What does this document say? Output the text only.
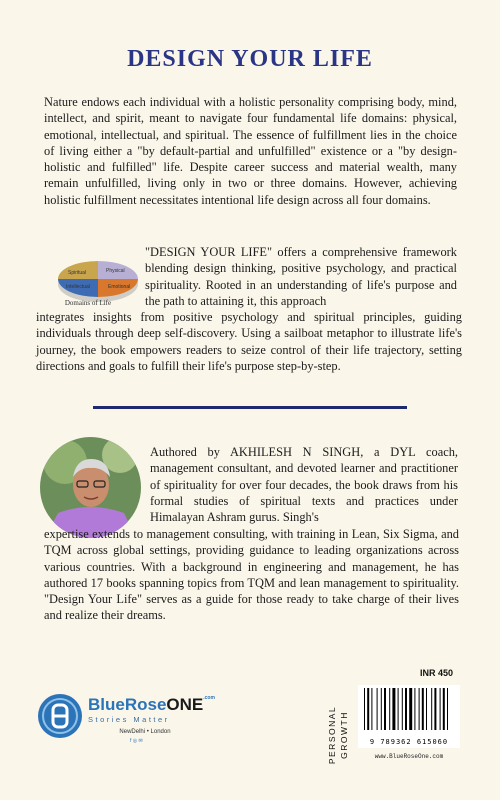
DESIGN YOUR LIFE

Nature endows each individual with a holistic personality comprising body, mind, intellect, and spirit, meant to navigate four fundamental life domains: physical, emotional, intellectual, and spiritual. The essence of fulfillment lies in the choice of living either a "by default-partial and unfulfilled" existence or a "by design-holistic and fulfilled" life. Despite career success and material wealth, many remain unfulfilled, living only in two or three domains. However, achieving holistic fulfillment necessitates intentional life design across all four domains.

Spiritual	Physical
Emotional
Intellectual
Domains of Life

"DESIGN YOUR LIFE" offers a comprehensive framework blending design thinking, positive psychology, and practical spirituality. Rooted in an understanding of life's purpose and the path to attaining it, this approach

integrates insights from positive psychology and spiritual principles, guiding individuals through deep self-discovery. Using a sailboat metaphor to illustrate life's journey, the book empowers readers to seize control of their life trajectory, setting directions and goals to fulfill their life's purpose step-by-step.

Authored by AKHILESH N SINGH, a DYL coach, management consultant, and devoted learner and practitioner of spirituality for over four decades, the book draws from his formal studies of spiritual texts and practices under Himalayan Ashram gurus. Singh's

expertise extends to management consulting, with training in Lean, Six Sigma, and TQM across global settings, providing guidance to leading organizations across various countries. With a background in engineering and management, he has authored 17 books spanning topics from TQM and lean management to spirituality. "Design Your Life" serves as a guide for those ready to take charge of their lives and realize their dreams.

BlueRoseONE$^{.com}$
Stories Matter
NewDelhi • London
f ◎ ✉
INR 450
PERSONAL GROWTH	9 789362 615060
www.BlueRoseOne.com
